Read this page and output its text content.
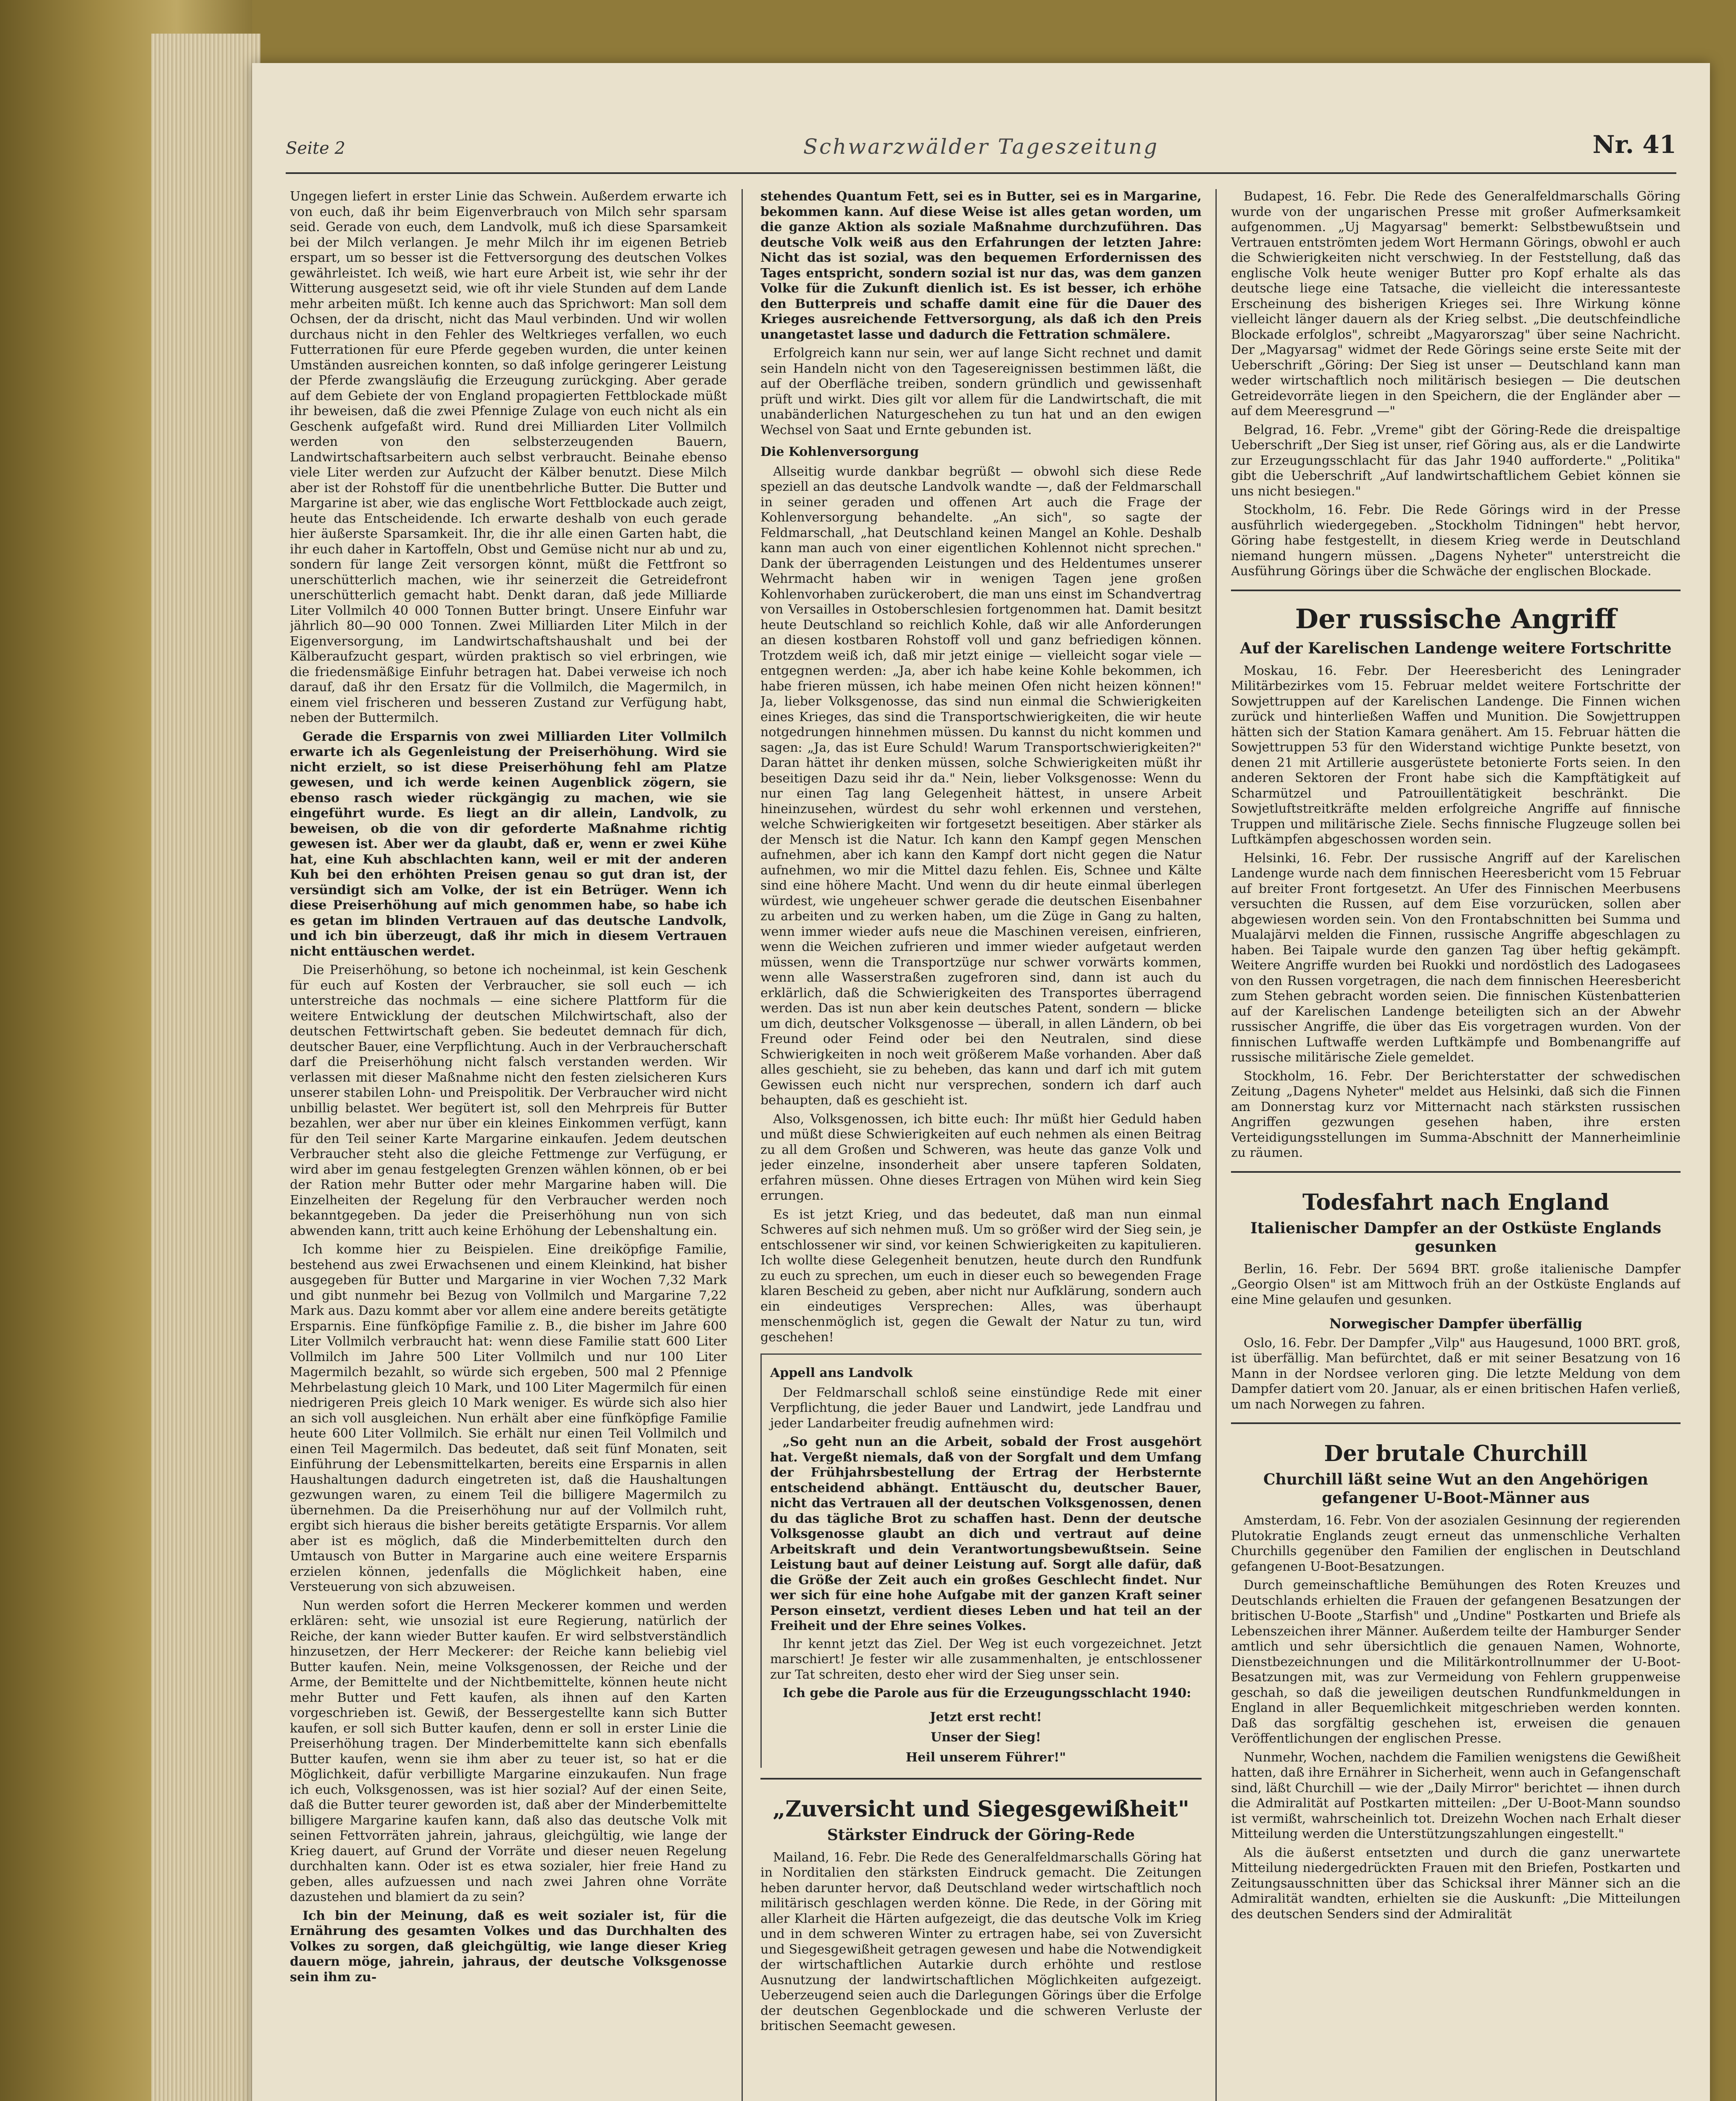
Seite 2	Schwarzwälder Tageszeitung	Nr. 41

Ungegen liefert in erster Linie das Schwein. Außerdem erwarte ich von euch, daß ihr beim Eigenverbrauch von Milch sehr sparsam seid. Gerade von euch, dem Landvolk, muß ich diese Sparsamkeit bei der Milch verlangen. Je mehr Milch ihr im eigenen Betrieb erspart, um so besser ist die Fettversorgung des deutschen Volkes gewährleistet. Ich weiß, wie hart eure Arbeit ist, wie sehr ihr der Witterung ausgesetzt seid, wie oft ihr viele Stunden auf dem Lande mehr arbeiten müßt. Ich kenne auch das Sprichwort: Man soll dem Ochsen, der da drischt, nicht das Maul verbinden. Und wir wollen durchaus nicht in den Fehler des Weltkrieges verfallen, wo euch Futterrationen für eure Pferde gegeben wurden, die unter keinen Umständen ausreichen konnten, so daß infolge geringerer Leistung der Pferde zwangsläufig die Erzeugung zurückging. Aber gerade auf dem Gebiete der von England propagierten Fettblockade müßt ihr beweisen, daß die zwei Pfennige Zulage von euch nicht als ein Geschenk aufgefaßt wird. Rund drei Milliarden Liter Vollmilch werden von den selbsterzeugenden Bauern, Landwirtschaftsarbeitern auch selbst verbraucht. Beinahe ebenso viele Liter werden zur Aufzucht der Kälber benutzt. Diese Milch aber ist der Rohstoff für die unentbehrliche Butter. Die Butter und Margarine ist aber, wie das englische Wort Fettblockade auch zeigt, heute das Entscheidende. Ich erwarte deshalb von euch gerade hier äußerste Sparsamkeit. Ihr, die ihr alle einen Garten habt, die ihr euch daher in Kartoffeln, Obst und Gemüse nicht nur ab und zu, sondern für lange Zeit versorgen könnt, müßt die Fettfront so unerschütterlich machen, wie ihr seinerzeit die Getreidefront unerschütterlich gemacht habt. Denkt daran, daß jede Milliarde Liter Vollmilch 40 000 Tonnen Butter bringt. Unsere Einfuhr war jährlich 80—90 000 Tonnen. Zwei Milliarden Liter Milch in der Eigenversorgung, im Landwirtschaftshaushalt und bei der Kälberaufzucht gespart, würden praktisch so viel erbringen, wie die friedensmäßige Einfuhr betragen hat. Dabei verweise ich noch darauf, daß ihr den Ersatz für die Vollmilch, die Magermilch, in einem viel frischeren und besseren Zustand zur Verfügung habt, neben der Buttermilch.

Gerade die Ersparnis von zwei Milliarden Liter Vollmilch erwarte ich als Gegenleistung der Preiserhöhung. Wird sie nicht erzielt, so ist diese Preiserhöhung fehl am Platze gewesen, und ich werde keinen Augenblick zögern, sie ebenso rasch wieder rückgängig zu machen, wie sie eingeführt wurde. Es liegt an dir allein, Landvolk, zu beweisen, ob die von dir geforderte Maßnahme richtig gewesen ist. Aber wer da glaubt, daß er, wenn er zwei Kühe hat, eine Kuh abschlachten kann, weil er mit der anderen Kuh bei den erhöhten Preisen genau so gut dran ist, der versündigt sich am Volke, der ist ein Betrüger. Wenn ich diese Preiserhöhung auf mich genommen habe, so habe ich es getan im blinden Vertrauen auf das deutsche Landvolk, und ich bin überzeugt, daß ihr mich in diesem Vertrauen nicht enttäuschen werdet.

Die Preiserhöhung, so betone ich nocheinmal, ist kein Geschenk für euch auf Kosten der Verbraucher, sie soll euch — ich unterstreiche das nochmals — eine sichere Plattform für die weitere Entwicklung der deutschen Milchwirtschaft, also der deutschen Fettwirtschaft geben. Sie bedeutet demnach für dich, deutscher Bauer, eine Verpflichtung. Auch in der Verbraucherschaft darf die Preiserhöhung nicht falsch verstanden werden. Wir verlassen mit dieser Maßnahme nicht den festen zielsicheren Kurs unserer stabilen Lohn- und Preispolitik. Der Verbraucher wird nicht unbillig belastet. Wer begütert ist, soll den Mehrpreis für Butter bezahlen, wer aber nur über ein kleines Einkommen verfügt, kann für den Teil seiner Karte Margarine einkaufen. Jedem deutschen Verbraucher steht also die gleiche Fettmenge zur Verfügung, er wird aber im genau festgelegten Grenzen wählen können, ob er bei der Ration mehr Butter oder mehr Margarine haben will. Die Einzelheiten der Regelung für den Verbraucher werden noch bekanntgegeben. Da jeder die Preiserhöhung nun von sich abwenden kann, tritt auch keine Erhöhung der Lebenshaltung ein.

Ich komme hier zu Beispielen. Eine dreiköpfige Familie, bestehend aus zwei Erwachsenen und einem Kleinkind, hat bisher ausgegeben für Butter und Margarine in vier Wochen 7,32 Mark und gibt nunmehr bei Bezug von Vollmilch und Margarine 7,22 Mark aus. Dazu kommt aber vor allem eine andere bereits getätigte Ersparnis. Eine fünfköpfige Familie z. B., die bisher im Jahre 600 Liter Vollmilch verbraucht hat: wenn diese Familie statt 600 Liter Vollmilch im Jahre 500 Liter Vollmilch und nur 100 Liter Magermilch bezahlt, so würde sich ergeben, 500 mal 2 Pfennige Mehrbelastung gleich 10 Mark, und 100 Liter Magermilch für einen niedrigeren Preis gleich 10 Mark weniger. Es würde sich also hier an sich voll ausgleichen. Nun erhält aber eine fünfköpfige Familie heute 600 Liter Vollmilch. Sie erhält nur einen Teil Vollmilch und einen Teil Magermilch. Das bedeutet, daß seit fünf Monaten, seit Einführung der Lebensmittelkarten, bereits eine Ersparnis in allen Haushaltungen dadurch eingetreten ist, daß die Haushaltungen gezwungen waren, zu einem Teil die billigere Magermilch zu übernehmen. Da die Preiserhöhung nur auf der Vollmilch ruht, ergibt sich hieraus die bisher bereits getätigte Ersparnis. Vor allem aber ist es möglich, daß die Minderbemittelten durch den Umtausch von Butter in Margarine auch eine weitere Ersparnis erzielen können, jedenfalls die Möglichkeit haben, eine Versteuerung von sich abzuweisen.

Nun werden sofort die Herren Meckerer kommen und werden erklären: seht, wie unsozial ist eure Regierung, natürlich der Reiche, der kann wieder Butter kaufen. Er wird selbstverständlich hinzusetzen, der Herr Meckerer: der Reiche kann beliebig viel Butter kaufen. Nein, meine Volksgenossen, der Reiche und der Arme, der Bemittelte und der Nichtbemittelte, können heute nicht mehr Butter und Fett kaufen, als ihnen auf den Karten vorgeschrieben ist. Gewiß, der Bessergestellte kann sich Butter kaufen, er soll sich Butter kaufen, denn er soll in erster Linie die Preiserhöhung tragen. Der Minderbemittelte kann sich ebenfalls Butter kaufen, wenn sie ihm aber zu teuer ist, so hat er die Möglichkeit, dafür verbilligte Margarine einzukaufen. Nun frage ich euch, Volksgenossen, was ist hier sozial? Auf der einen Seite, daß die Butter teurer geworden ist, daß aber der Minderbemittelte billigere Margarine kaufen kann, daß also das deutsche Volk mit seinen Fettvorräten jahrein, jahraus, gleichgültig, wie lange der Krieg dauert, auf Grund der Vorräte und dieser neuen Regelung durchhalten kann. Oder ist es etwa sozialer, hier freie Hand zu geben, alles aufzuessen und nach zwei Jahren ohne Vorräte dazustehen und blamiert da zu sein?

Ich bin der Meinung, daß es weit sozialer ist, für die Ernährung des gesamten Volkes und das Durchhalten des Volkes zu sorgen, daß gleichgültig, wie lange dieser Krieg dauern möge, jahrein, jahraus, der deutsche Volksgenosse sein ihm zu-

stehendes Quantum Fett, sei es in Butter, sei es in Margarine, bekommen kann. Auf diese Weise ist alles getan worden, um die ganze Aktion als soziale Maßnahme durchzuführen. Das deutsche Volk weiß aus den Erfahrungen der letzten Jahre: Nicht das ist sozial, was den bequemen Erfordernissen des Tages entspricht, sondern sozial ist nur das, was dem ganzen Volke für die Zukunft dienlich ist. Es ist besser, ich erhöhe den Butterpreis und schaffe damit eine für die Dauer des Krieges ausreichende Fettversorgung, als daß ich den Preis unangetastet lasse und dadurch die Fettration schmälere.

Erfolgreich kann nur sein, wer auf lange Sicht rechnet und damit sein Handeln nicht von den Tagesereignissen bestimmen läßt, die auf der Oberfläche treiben, sondern gründlich und gewissenhaft prüft und wirkt. Dies gilt vor allem für die Landwirtschaft, die mit unabänderlichen Naturgeschehen zu tun hat und an den ewigen Wechsel von Saat und Ernte gebunden ist.

Die Kohlenversorgung

Allseitig wurde dankbar begrüßt — obwohl sich diese Rede speziell an das deutsche Landvolk wandte —, daß der Feldmarschall in seiner geraden und offenen Art auch die Frage der Kohlenversorgung behandelte. „An sich", so sagte der Feldmarschall, „hat Deutschland keinen Mangel an Kohle. Deshalb kann man auch von einer eigentlichen Kohlennot nicht sprechen." Dank der überragenden Leistungen und des Heldentumes unserer Wehrmacht haben wir in wenigen Tagen jene großen Kohlenvorhaben zurückerobert, die man uns einst im Schandvertrag von Versailles in Ostoberschlesien fortgenommen hat. Damit besitzt heute Deutschland so reichlich Kohle, daß wir alle Anforderungen an diesen kostbaren Rohstoff voll und ganz befriedigen können. Trotzdem weiß ich, daß mir jetzt einige — vielleicht sogar viele — entgegnen werden: „Ja, aber ich habe keine Kohle bekommen, ich habe frieren müssen, ich habe meinen Ofen nicht heizen können!" Ja, lieber Volksgenosse, das sind nun einmal die Schwierigkeiten eines Krieges, das sind die Transportschwierigkeiten, die wir heute notgedrungen hinnehmen müssen. Du kannst du nicht kommen und sagen: „Ja, das ist Eure Schuld! Warum Transportschwierigkeiten?" Daran hättet ihr denken müssen, solche Schwierigkeiten müßt ihr beseitigen Dazu seid ihr da." Nein, lieber Volksgenosse: Wenn du nur einen Tag lang Gelegenheit hättest, in unsere Arbeit hineinzusehen, würdest du sehr wohl erkennen und verstehen, welche Schwierigkeiten wir fortgesetzt beseitigen. Aber stärker als der Mensch ist die Natur. Ich kann den Kampf gegen Menschen aufnehmen, aber ich kann den Kampf dort nicht gegen die Natur aufnehmen, wo mir die Mittel dazu fehlen. Eis, Schnee und Kälte sind eine höhere Macht. Und wenn du dir heute einmal überlegen würdest, wie ungeheuer schwer gerade die deutschen Eisenbahner zu arbeiten und zu werken haben, um die Züge in Gang zu halten, wenn immer wieder aufs neue die Maschinen vereisen, einfrieren, wenn die Weichen zufrieren und immer wieder aufgetaut werden müssen, wenn die Transportzüge nur schwer vorwärts kommen, wenn alle Wasserstraßen zugefroren sind, dann ist auch du erklärlich, daß die Schwierigkeiten des Transportes überragend werden. Das ist nun aber kein deutsches Patent, sondern — blicke um dich, deutscher Volksgenosse — überall, in allen Ländern, ob bei Freund oder Feind oder bei den Neutralen, sind diese Schwierigkeiten in noch weit größerem Maße vorhanden. Aber daß alles geschieht, sie zu beheben, das kann und darf ich mit gutem Gewissen euch nicht nur versprechen, sondern ich darf auch behaupten, daß es geschieht ist.

Also, Volksgenossen, ich bitte euch: Ihr müßt hier Geduld haben und müßt diese Schwierigkeiten auf euch nehmen als einen Beitrag zu all dem Großen und Schweren, was heute das ganze Volk und jeder einzelne, insonderheit aber unsere tapferen Soldaten, erfahren müssen. Ohne dieses Ertragen von Mühen wird kein Sieg errungen.

Es ist jetzt Krieg, und das bedeutet, daß man nun einmal Schweres auf sich nehmen muß. Um so größer wird der Sieg sein, je entschlossener wir sind, vor keinen Schwierigkeiten zu kapitulieren. Ich wollte diese Gelegenheit benutzen, heute durch den Rundfunk zu euch zu sprechen, um euch in dieser euch so bewegenden Frage klaren Bescheid zu geben, aber nicht nur Aufklärung, sondern auch ein eindeutiges Versprechen: Alles, was überhaupt menschenmöglich ist, gegen die Gewalt der Natur zu tun, wird geschehen!

Appell ans Landvolk

Der Feldmarschall schloß seine einstündige Rede mit einer Verpflichtung, die jeder Bauer und Landwirt, jede Landfrau und jeder Landarbeiter freudig aufnehmen wird:

„So geht nun an die Arbeit, sobald der Frost ausgehört hat. Vergeßt niemals, daß von der Sorgfalt und dem Umfang der Frühjahrsbestellung der Ertrag der Herbsternte entscheidend abhängt. Enttäuscht du, deutscher Bauer, nicht das Vertrauen all der deutschen Volksgenossen, denen du das tägliche Brot zu schaffen hast. Denn der deutsche Volksgenosse glaubt an dich und vertraut auf deine Arbeitskraft und dein Verantwortungsbewußtsein. Seine Leistung baut auf deiner Leistung auf. Sorgt alle dafür, daß die Größe der Zeit auch ein großes Geschlecht findet. Nur wer sich für eine hohe Aufgabe mit der ganzen Kraft seiner Person einsetzt, verdient dieses Leben und hat teil an der Freiheit und der Ehre seines Volkes.

Ihr kennt jetzt das Ziel. Der Weg ist euch vorgezeichnet. Jetzt marschiert! Je fester wir alle zusammenhalten, je entschlossener zur Tat schreiten, desto eher wird der Sieg unser sein.

Ich gebe die Parole aus für die Erzeugungsschlacht 1940:

Jetzt erst recht!
Unser der Sieg!
Heil unserem Führer!"
„Zuversicht und Siegesgewißheit"
Stärkster Eindruck der Göring-Rede

Mailand, 16. Febr. Die Rede des Generalfeldmarschalls Göring hat in Norditalien den stärksten Eindruck gemacht. Die Zeitungen heben darunter hervor, daß Deutschland weder wirtschaftlich noch militärisch geschlagen werden könne. Die Rede, in der Göring mit aller Klarheit die Härten aufgezeigt, die das deutsche Volk im Krieg und in dem schweren Winter zu ertragen habe, sei von Zuversicht und Siegesgewißheit getragen gewesen und habe die Notwendigkeit der wirtschaftlichen Autarkie durch erhöhte und restlose Ausnutzung der landwirtschaftlichen Möglichkeiten aufgezeigt. Ueberzeugend seien auch die Darlegungen Görings über die Erfolge der deutschen Gegenblockade und die schweren Verluste der britischen Seemacht gewesen.

Budapest, 16. Febr. Die Rede des Generalfeldmarschalls Göring wurde von der ungarischen Presse mit großer Aufmerksamkeit aufgenommen. „Uj Magyarsag" bemerkt: Selbstbewußtsein und Vertrauen entströmten jedem Wort Hermann Görings, obwohl er auch die Schwierigkeiten nicht verschwieg. In der Feststellung, daß das englische Volk heute weniger Butter pro Kopf erhalte als das deutsche liege eine Tatsache, die vielleicht die interessanteste Erscheinung des bisherigen Krieges sei. Ihre Wirkung könne vielleicht länger dauern als der Krieg selbst. „Die deutschfeindliche Blockade erfolglos", schreibt „Magyarorszag" über seine Nachricht. Der „Magyarsag" widmet der Rede Görings seine erste Seite mit der Ueberschrift „Göring: Der Sieg ist unser — Deutschland kann man weder wirtschaftlich noch militärisch besiegen — Die deutschen Getreidevorräte liegen in den Speichern, die der Engländer aber — auf dem Meeresgrund —"

Belgrad, 16. Febr. „Vreme" gibt der Göring-Rede die dreispaltige Ueberschrift „Der Sieg ist unser, rief Göring aus, als er die Landwirte zur Erzeugungsschlacht für das Jahr 1940 aufforderte." „Politika" gibt die Ueberschrift „Auf landwirtschaftlichem Gebiet können sie uns nicht besiegen."

Stockholm, 16. Febr. Die Rede Görings wird in der Presse ausführlich wiedergegeben. „Stockholm Tidningen" hebt hervor, Göring habe festgestellt, in diesem Krieg werde in Deutschland niemand hungern müssen. „Dagens Nyheter" unterstreicht die Ausführung Görings über die Schwäche der englischen Blockade.

Der russische Angriff
Auf der Karelischen Landenge weitere Fortschritte

Moskau, 16. Febr. Der Heeresbericht des Leningrader Militärbezirkes vom 15. Februar meldet weitere Fortschritte der Sowjettruppen auf der Karelischen Landenge. Die Finnen wichen zurück und hinterließen Waffen und Munition. Die Sowjettruppen hätten sich der Station Kamara genähert. Am 15. Februar hätten die Sowjettruppen 53 für den Widerstand wichtige Punkte besetzt, von denen 21 mit Artillerie ausgerüstete betonierte Forts seien. In den anderen Sektoren der Front habe sich die Kampftätigkeit auf Scharmützel und Patrouillentätigkeit beschränkt. Die Sowjetluftstreitkräfte melden erfolgreiche Angriffe auf finnische Truppen und militärische Ziele. Sechs finnische Flugzeuge sollen bei Luftkämpfen abgeschossen worden sein.

Helsinki, 16. Febr. Der russische Angriff auf der Karelischen Landenge wurde nach dem finnischen Heeresbericht vom 15 Februar auf breiter Front fortgesetzt. An Ufer des Finnischen Meerbusens versuchten die Russen, auf dem Eise vorzurücken, sollen aber abgewiesen worden sein. Von den Frontabschnitten bei Summa und Mualajärvi melden die Finnen, russische Angriffe abgeschlagen zu haben. Bei Taipale wurde den ganzen Tag über heftig gekämpft. Weitere Angriffe wurden bei Ruokki und nordöstlich des Ladogasees von den Russen vorgetragen, die nach dem finnischen Heeresbericht zum Stehen gebracht worden seien. Die finnischen Küstenbatterien auf der Karelischen Landenge beteiligten sich an der Abwehr russischer Angriffe, die über das Eis vorgetragen wurden. Von der finnischen Luftwaffe werden Luftkämpfe und Bombenangriffe auf russische militärische Ziele gemeldet.

Stockholm, 16. Febr. Der Berichterstatter der schwedischen Zeitung „Dagens Nyheter" meldet aus Helsinki, daß sich die Finnen am Donnerstag kurz vor Mitternacht nach stärksten russischen Angriffen gezwungen gesehen haben, ihre ersten Verteidigungsstellungen im Summa-Abschnitt der Mannerheimlinie zu räumen.

Todesfahrt nach England
Italienischer Dampfer an der Ostküste Englands gesunken

Berlin, 16. Febr. Der 5694 BRT. große italienische Dampfer „Georgio Olsen" ist am Mittwoch früh an der Ostküste Englands auf eine Mine gelaufen und gesunken.

Norwegischer Dampfer überfällig

Oslo, 16. Febr. Der Dampfer „Vilp" aus Haugesund, 1000 BRT. groß, ist überfällig. Man befürchtet, daß er mit seiner Besatzung von 16 Mann in der Nordsee verloren ging. Die letzte Meldung von dem Dampfer datiert vom 20. Januar, als er einen britischen Hafen verließ, um nach Norwegen zu fahren.

Der brutale Churchill
Churchill läßt seine Wut an den Angehörigen gefangener U-Boot-Männer aus

Amsterdam, 16. Febr. Von der asozialen Gesinnung der regierenden Plutokratie Englands zeugt erneut das unmenschliche Verhalten Churchills gegenüber den Familien der englischen in Deutschland gefangenen U-Boot-Besatzungen.

Durch gemeinschaftliche Bemühungen des Roten Kreuzes und Deutschlands erhielten die Frauen der gefangenen Besatzungen der britischen U-Boote „Starfish" und „Undine" Postkarten und Briefe als Lebenszeichen ihrer Männer. Außerdem teilte der Hamburger Sender amtlich und sehr übersichtlich die genauen Namen, Wohnorte, Dienstbezeichnungen und die Militärkontrollnummer der U-Boot-Besatzungen mit, was zur Vermeidung von Fehlern gruppenweise geschah, so daß die jeweiligen deutschen Rundfunkmeldungen in England in aller Bequemlichkeit mitgeschrieben werden konnten. Daß das sorgfältig geschehen ist, erweisen die genauen Veröffentlichungen der englischen Presse.

Nunmehr, Wochen, nachdem die Familien wenigstens die Gewißheit hatten, daß ihre Ernährer in Sicherheit, wenn auch in Gefangenschaft sind, läßt Churchill — wie der „Daily Mirror" berichtet — ihnen durch die Admiralität auf Postkarten mitteilen: „Der U-Boot-Mann soundso ist vermißt, wahrscheinlich tot. Dreizehn Wochen nach Erhalt dieser Mitteilung werden die Unterstützungszahlungen eingestellt."

Als die äußerst entsetzten und durch die ganz unerwartete Mitteilung niedergedrückten Frauen mit den Briefen, Postkarten und Zeitungsausschnitten über das Schicksal ihrer Männer sich an die Admiralität wandten, erhielten sie die Auskunft: „Die Mitteilungen des deutschen Senders sind der Admiralität
